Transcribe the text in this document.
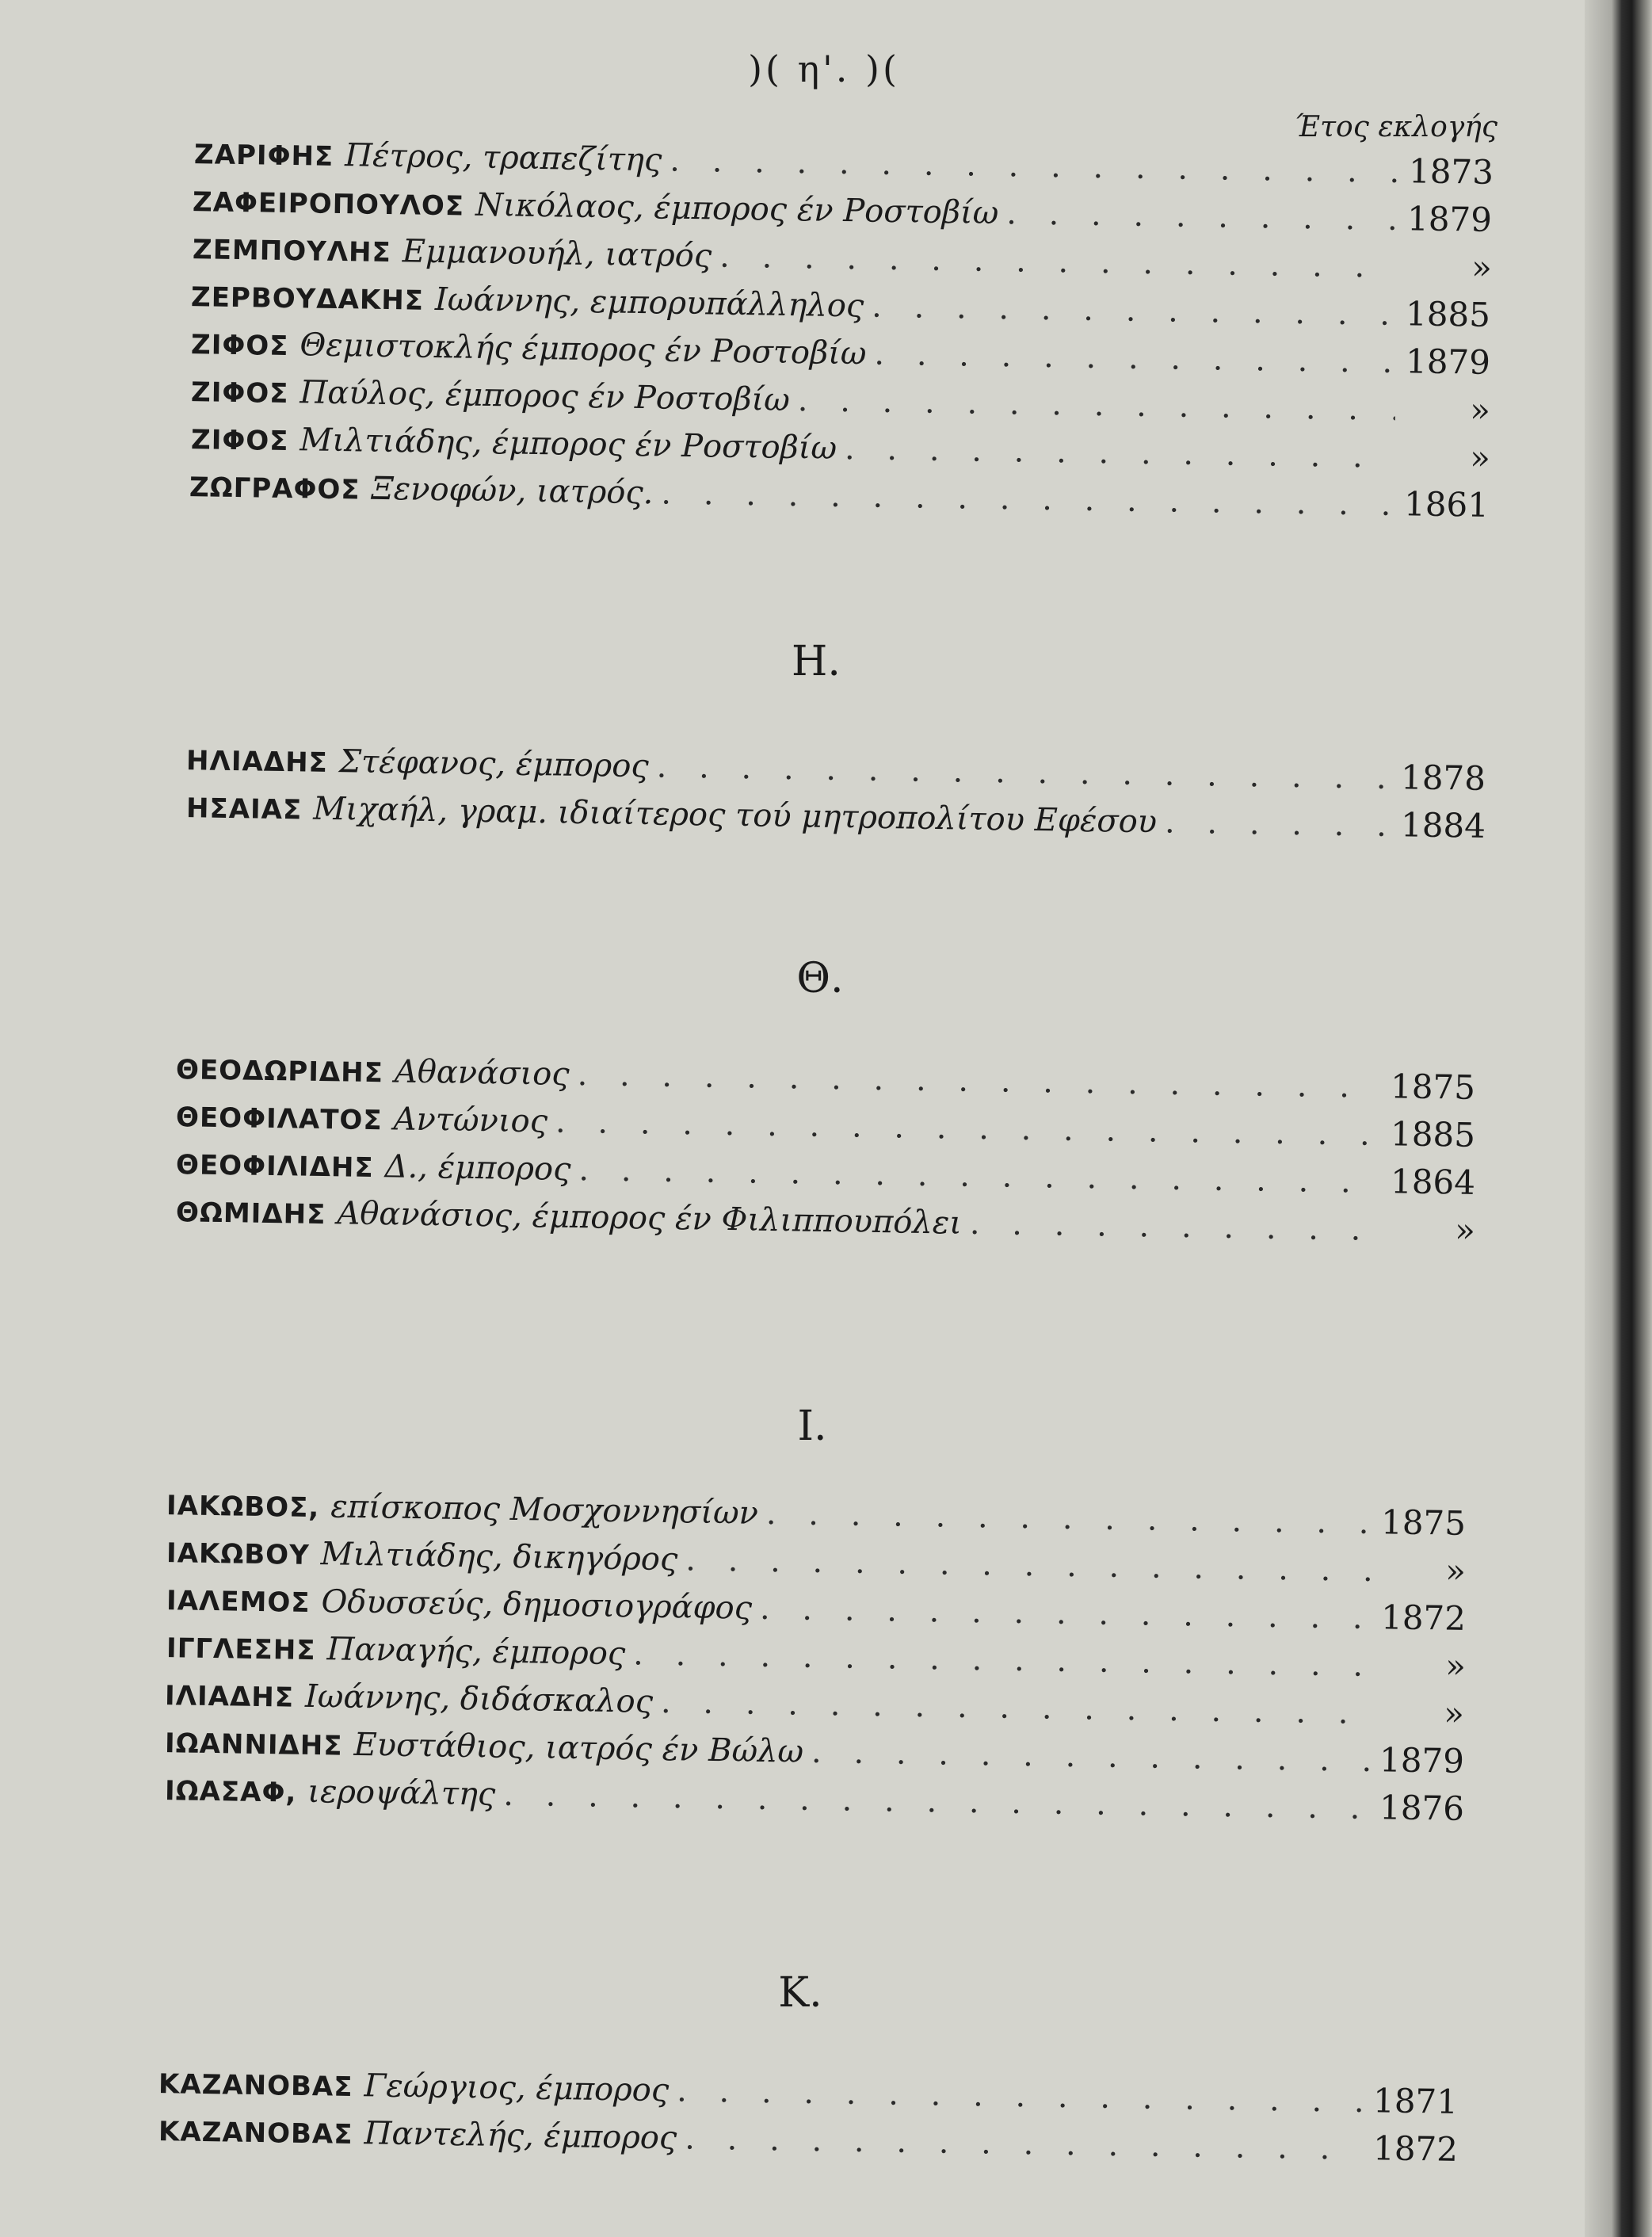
)( η'. )(
Έτος εκλογής
ΖΑΡΙΦΗΣ Πέτρος, τραπεζίτης . . .	1873
ΖΑΦΕΙΡΟΠΟΥΛΟΣ Νικόλαος, έμπορος έν Ροστοβίω . . .	1879
ΖΕΜΠΟΥΛΗΣ Εμμανουήλ, ιατρός . . .	»
ΖΕΡΒΟΥΔΑΚΗΣ Ιωάννης, εμπορυπάλληλος . . .	1885
ΖΙΦΟΣ Θεμιστοκλής έμπορος έν Ροστοβίω . . .	1879
ΖΙΦΟΣ Παύλος, έμπορος έν Ροστοβίω . . .	»
ΖΙΦΟΣ Μιλτιάδης, έμπορος έν Ροστοβίω . . .	»
ΖΩΓΡΑΦΟΣ Ξενοφών, ιατρός. . . .	1861
Η.
ΗΛΙΑΔΗΣ Στέφανος, έμπορος . . .	1878
ΗΣΑΙΑΣ Μιχαήλ, γραμ. ιδιαίτερος τού μητροπολίτου Εφέσου . . .	1884
Θ.
ΘΕΟΔΩΡΙΔΗΣ Αθανάσιος . . .	1875
ΘΕΟΦΙΛΑΤΟΣ Αντώνιος . . .	1885
ΘΕΟΦΙΛΙΔΗΣ Δ., έμπορος . . .	1864
ΘΩΜΙΔΗΣ Αθανάσιος, έμπορος έν Φιλιππουπόλει . . .	»
Ι.
ΙΑΚΩΒΟΣ, επίσκοπος Μοσχοννησίων . . .	1875
ΙΑΚΩΒΟΥ Μιλτιάδης, δικηγόρος . . .	»
ΙΑΛΕΜΟΣ Οδυσσεύς, δημοσιογράφος . . .	1872
ΙΓΓΛΕΣΗΣ Παναγής, έμπορος . . .	»
ΙΛΙΑΔΗΣ Ιωάννης, διδάσκαλος . . .	»
ΙΩΑΝΝΙΔΗΣ Ευστάθιος, ιατρός έν Βώλω . . .	1879
ΙΩΑΣΑΦ, ιεροψάλτης . . .	1876
Κ.
ΚΑΖΑΝΟΒΑΣ Γεώργιος, έμπορος . . .	1871
ΚΑΖΑΝΟΒΑΣ Παντελής, έμπορος . . .	1872
